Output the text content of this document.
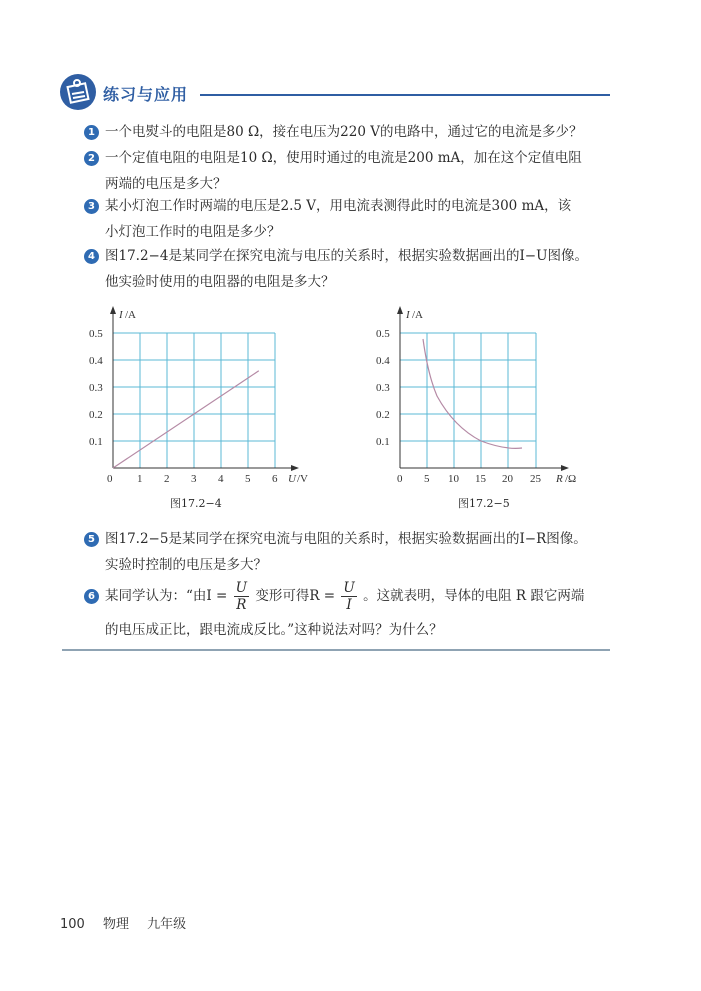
练习与应用
1 一个电熨斗的电阻是80 Ω，接在电压为220 V的电路中，通过它的电流是多少？
2 一个定值电阻的电阻是10 Ω，使用时通过的电流是200 mA，加在这个定值电阻
两端的电压是多大？
3 某小灯泡工作时两端的电压是2.5 V，用电流表测得此时的电流是300 mA，该
小灯泡工作时的电阻是多少？
4 图17.2−4是某同学在探究电流与电压的关系时，根据实验数据画出的I−U图像。
他实验时使用的电阻器的电阻是多大？
I /A
0.5
0.4
0.3
0.2
0.1
0 1 2 3 4 5 6 U /V
图17.2−4
I /A
0.5
0.4
0.3
0.2
0.1
0 5 10 15 20 25 R /Ω
图17.2−5
5 图17.2−5是某同学在探究电流与电阻的关系时，根据实验数据画出的I−R图像。
实验时控制的电压是多大？
6 某同学认为：“由$I = \frac{U}{R}$ 变形可得$R = \frac{U}{I}$ 。这就表明，导体的电阻 R 跟它两端
的电压成正比，跟电流成反比。”这种说法对吗？为什么？
100 物理 九年级
